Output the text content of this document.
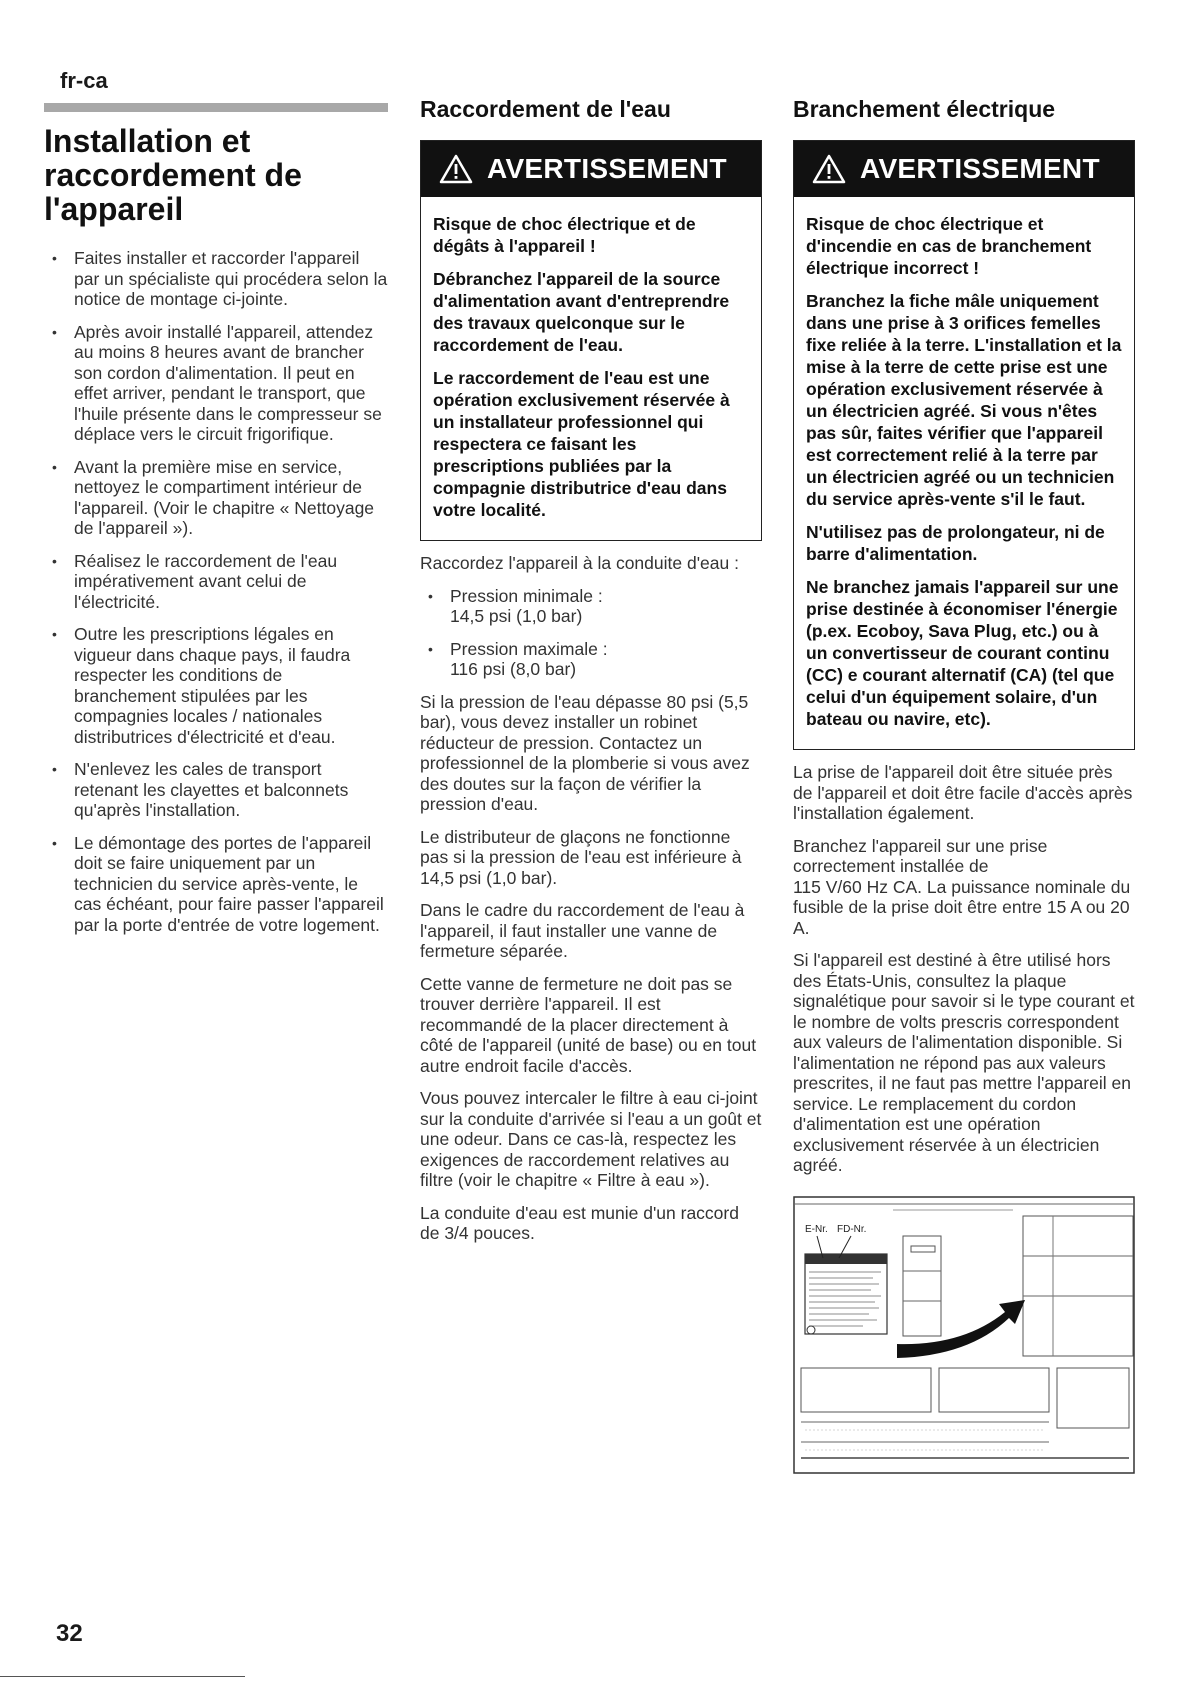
fr-ca
Installation et raccordement de l'appareil
• Faites installer et raccorder l'appareil par un spécialiste qui procédera selon la notice de montage ci-jointe.
• Après avoir installé l'appareil, attendez au moins 8 heures avant de brancher son cordon d'alimentation. Il peut en effet arriver, pendant le transport, que l'huile présente dans le compresseur se déplace vers le circuit frigorifique.
• Avant la première mise en service, nettoyez le compartiment intérieur de l'appareil. (Voir le chapitre « Nettoyage de l'appareil »).
• Réalisez le raccordement de l'eau impérativement avant celui de l'électricité.
• Outre les prescriptions légales en vigueur dans chaque pays, il faudra respecter les conditions de branchement stipulées par les compagnies locales / nationales distributrices d'électricité et d'eau.
• N'enlevez les cales de transport retenant les clayettes et balconnets qu'après l'installation.
• Le démontage des portes de l'appareil doit se faire uniquement par un technicien du service après-vente, le cas échéant, pour faire passer l'appareil par la porte d'entrée de votre logement.
Raccordement de l'eau
AVERTISSEMENT

Risque de choc électrique et de dégâts à l'appareil !

Débranchez l'appareil de la source d'alimentation avant d'entreprendre des travaux quelconque sur le raccordement de l'eau.

Le raccordement de l'eau est une opération exclusivement réservée à un installateur professionnel qui respectera ce faisant les prescriptions publiées par la compagnie distributrice d'eau dans votre localité.

Raccordez l'appareil à la conduite d'eau :

• Pression minimale :
14,5 psi (1,0 bar)
• Pression maximale :
116 psi (8,0 bar)

Si la pression de l'eau dépasse 80 psi (5,5 bar), vous devez installer un robinet réducteur de pression. Contactez un professionnel de la plomberie si vous avez des doutes sur la façon de vérifier la pression d'eau.

Le distributeur de glaçons ne fonctionne pas si la pression de l'eau est inférieure à 14,5 psi (1,0 bar).

Dans le cadre du raccordement de l'eau à l'appareil, il faut installer une vanne de fermeture séparée.

Cette vanne de fermeture ne doit pas se trouver derrière l'appareil. Il est recommandé de la placer directement à côté de l'appareil (unité de base) ou en tout autre endroit facile d'accès.

Vous pouvez intercaler le filtre à eau ci-joint sur la conduite d'arrivée si l'eau a un goût et une odeur. Dans ce cas-là, respectez les exigences de raccordement relatives au filtre (voir le chapitre « Filtre à eau »).

La conduite d'eau est munie d'un raccord de 3/4 pouces.

Branchement électrique
AVERTISSEMENT

Risque de choc électrique et d'incendie en cas de branchement électrique incorrect !

Branchez la fiche mâle uniquement dans une prise à 3 orifices femelles fixe reliée à la terre. L'installation et la mise à la terre de cette prise est une opération exclusivement réservée à un électricien agréé. Si vous n'êtes pas sûr, faites vérifier que l'appareil est correctement relié à la terre par un électricien agréé ou un technicien du service après-vente s'il le faut.

N'utilisez pas de prolongateur, ni de barre d'alimentation.

Ne branchez jamais l'appareil sur une prise destinée à économiser l'énergie (p.ex. Ecoboy, Sava Plug, etc.) ou à un convertisseur de courant continu (CC) e courant alternatif (CA) (tel que celui d'un équipement solaire, d'un bateau ou navire, etc).

La prise de l'appareil doit être située près de l'appareil et doit être facile d'accès après l'installation également.

Branchez l'appareil sur une prise correctement installée de
115 V/60 Hz CA. La puissance nominale du fusible de la prise doit être entre 15 A ou 20 A.

Si l'appareil est destiné à être utilisé hors des États-Unis, consultez la plaque signalétique pour savoir si le type courant et le nombre de volts prescris correspondent aux valeurs de l'alimentation disponible. Si l'alimentation ne répond pas aux valeurs prescrites, il ne faut pas mettre l'appareil en service. Le remplacement du cordon d'alimentation est une opération exclusivement réservée à un électricien agréé.

E-Nr. FD-Nr.
32
